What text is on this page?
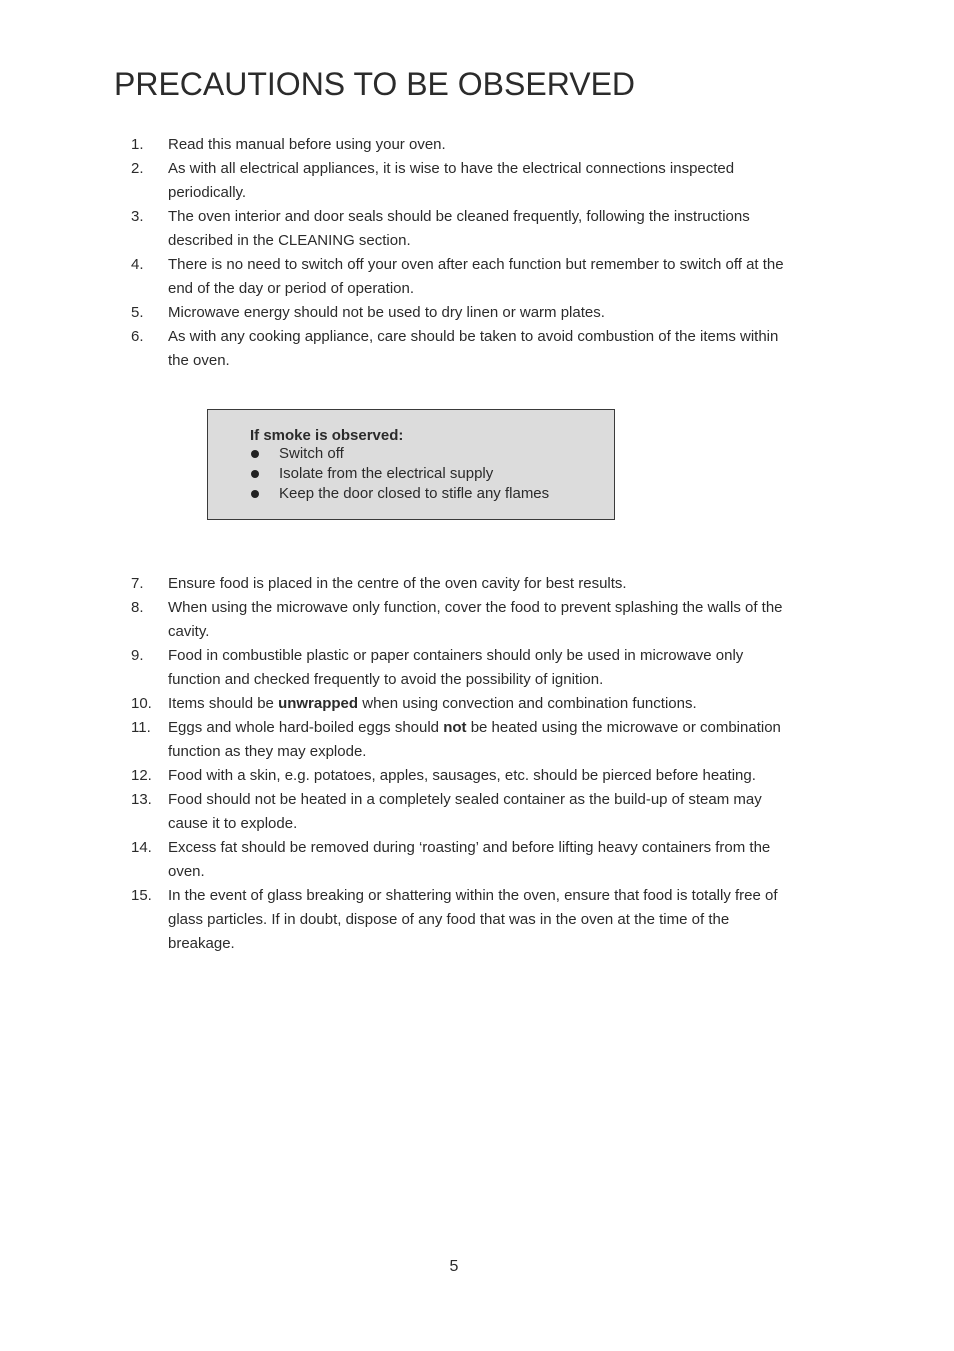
PRECAUTIONS TO BE OBSERVED
1. Read this manual before using your oven.
2. As with all electrical appliances, it is wise to have the electrical connections inspected periodically.
3. The oven interior and door seals should be cleaned frequently, following the instructions described in the CLEANING section.
4. There is no need to switch off your oven after each function but remember to switch off at the end of the day or period of operation.
5. Microwave energy should not be used to dry linen or warm plates.
6. As with any cooking appliance, care should be taken to avoid combustion of the items within the oven.
If smoke is observed:
Switch off
Isolate from the electrical supply
Keep the door closed to stifle any flames
7. Ensure food is placed in the centre of the oven cavity for best results.
8. When using the microwave only function, cover the food to prevent splashing the walls of the cavity.
9. Food in combustible plastic or paper containers should only be used in microwave only function and checked frequently to avoid the possibility of ignition.
10. Items should be unwrapped when using convection and combination functions.
11. Eggs and whole hard-boiled eggs should not be heated using the microwave or combination function as they may explode.
12. Food with a skin, e.g. potatoes, apples, sausages, etc. should be pierced before heating.
13. Food should not be heated in a completely sealed container as the build-up of steam may cause it to explode.
14. Excess fat should be removed during ‘roasting’ and before lifting heavy containers from the oven.
15. In the event of glass breaking or shattering within the oven, ensure that food is totally free of glass particles. If in doubt, dispose of any food that was in the oven at the time of the breakage.
5
